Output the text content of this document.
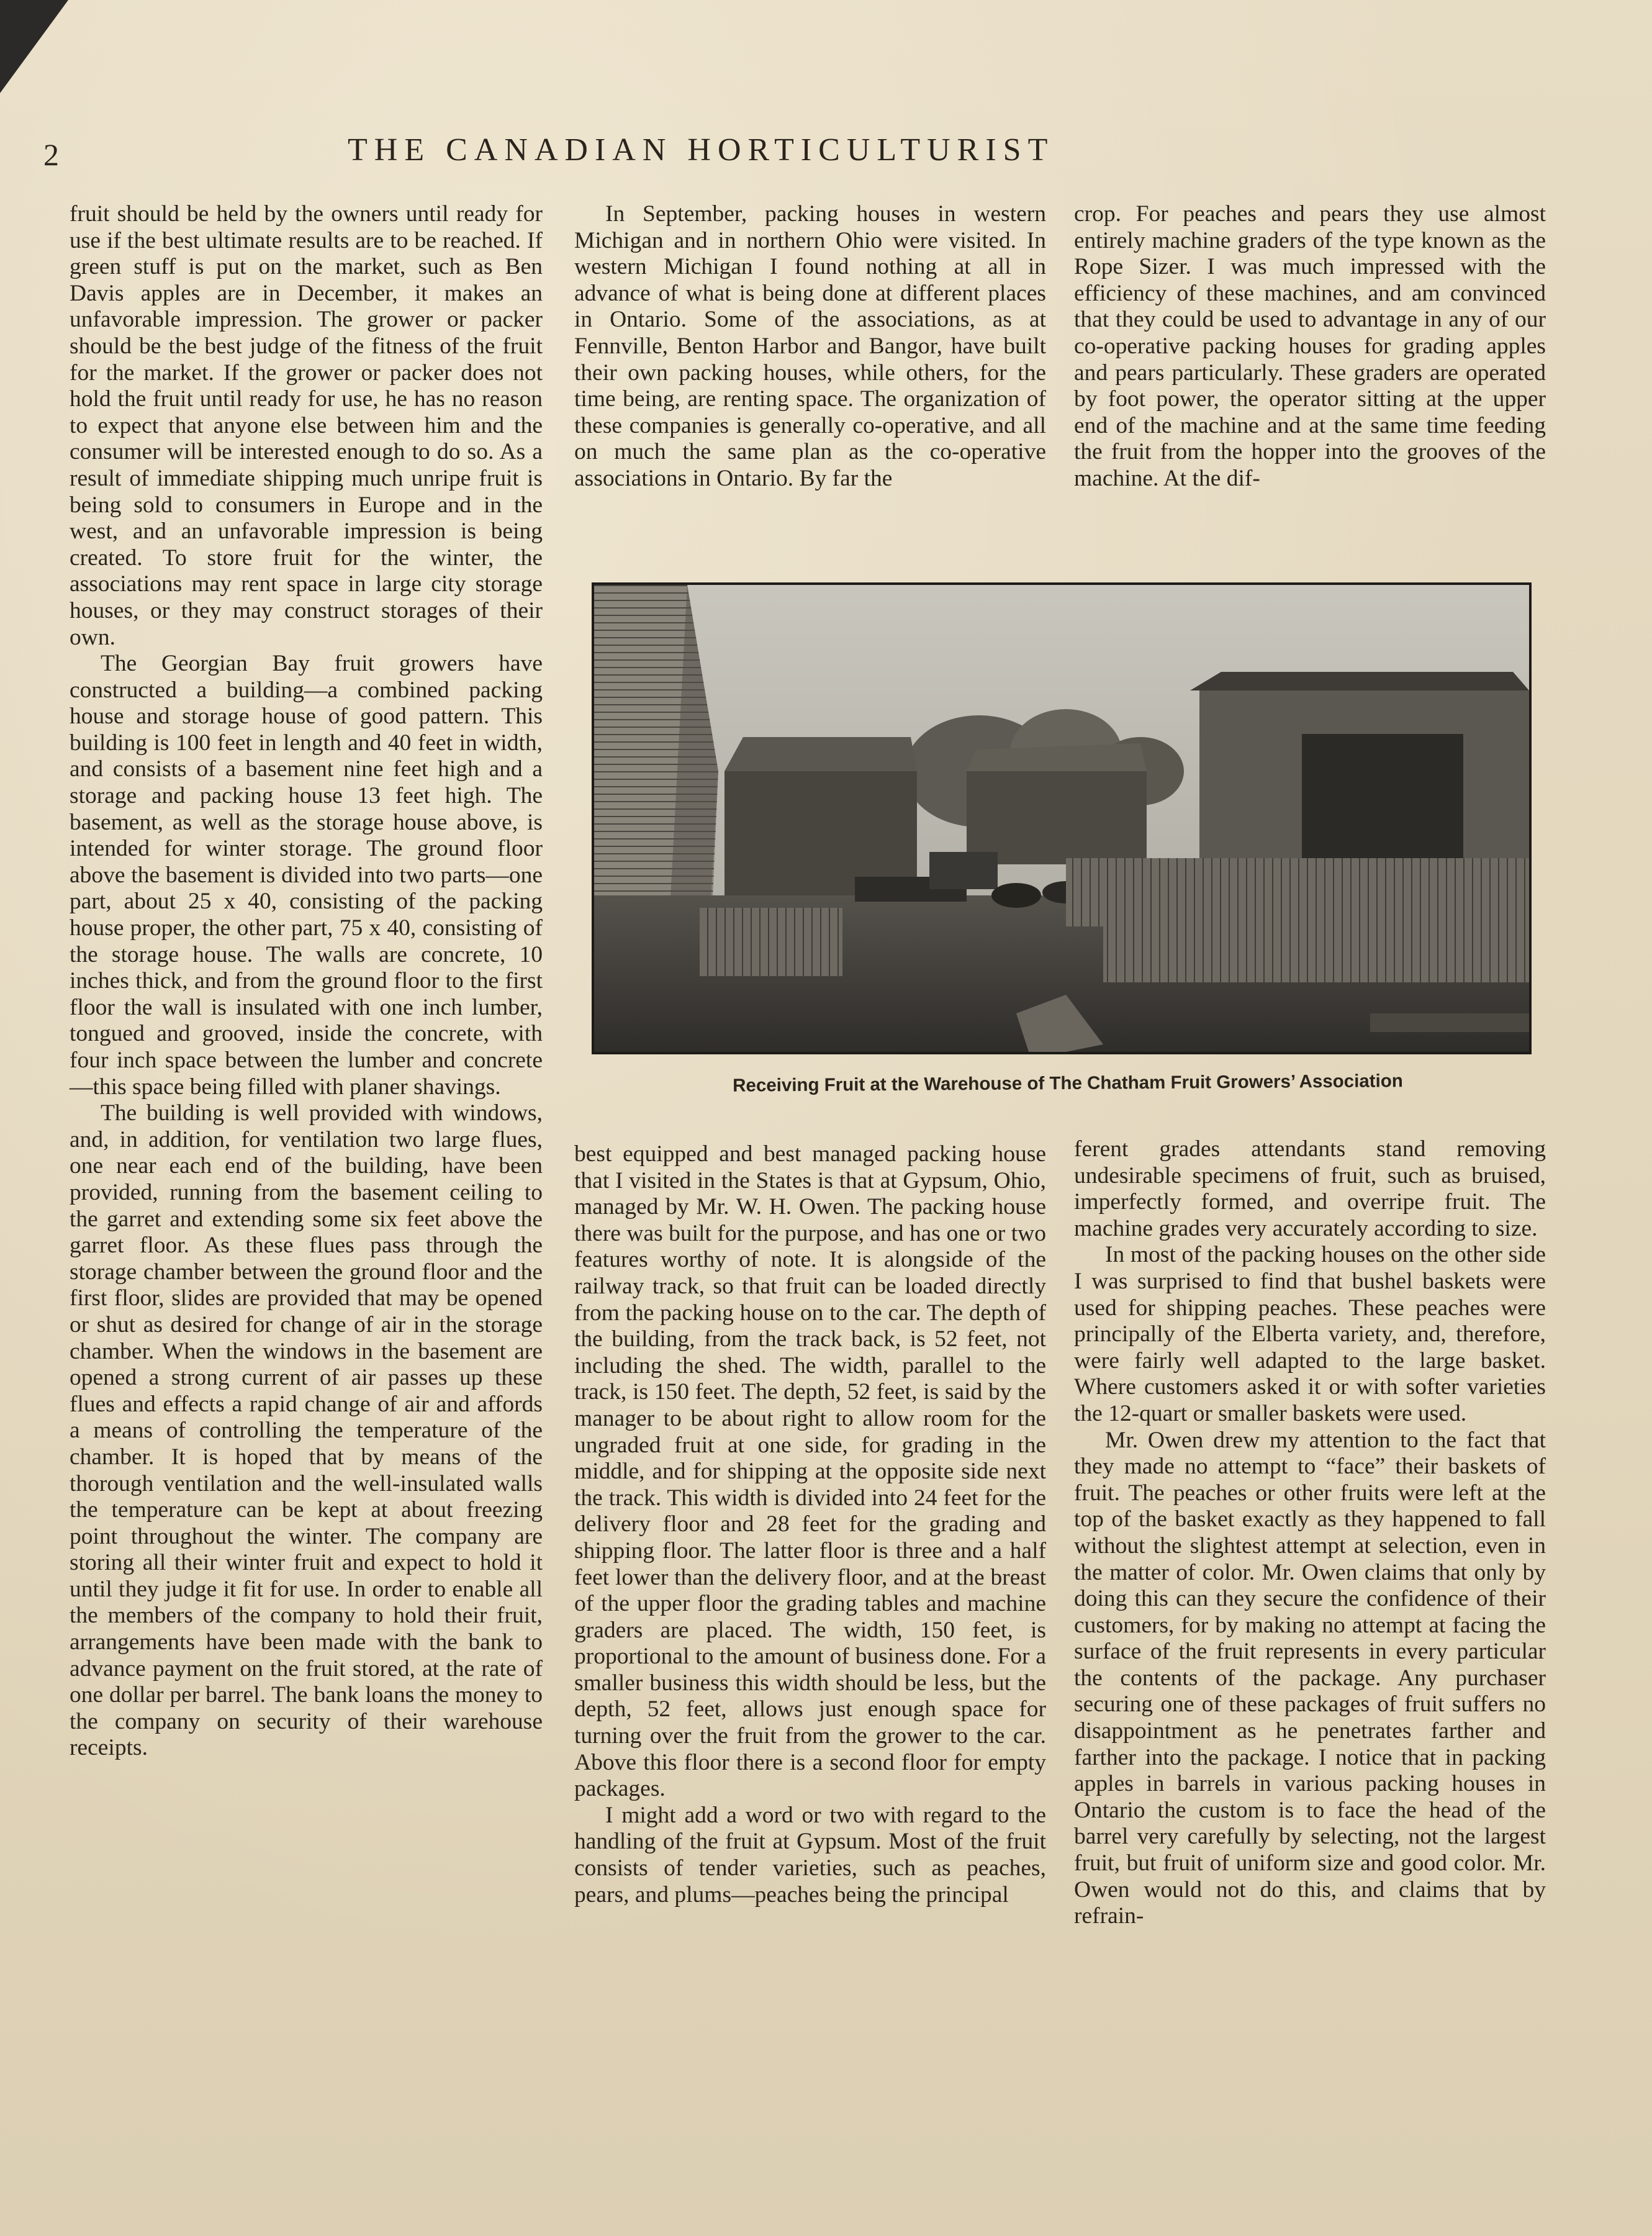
2	THE CANADIAN HORTICULTURIST

fruit should be held by the owners until ready for use if the best ultimate results are to be reached. If green stuff is put on the market, such as Ben Davis apples are in December, it makes an unfavorable impression. The grower or packer should be the best judge of the fitness of the fruit for the market. If the grower or packer does not hold the fruit until ready for use, he has no reason to expect that anyone else between him and the consumer will be interested enough to do so. As a result of immediate shipping much unripe fruit is being sold to consumers in Europe and in the west, and an unfavorable impression is being created. To store fruit for the winter, the associations may rent space in large city storage houses, or they may construct storages of their own.

The Georgian Bay fruit growers have constructed a building—a combined packing house and storage house of good pattern. This building is 100 feet in length and 40 feet in width, and consists of a basement nine feet high and a storage and packing house 13 feet high. The basement, as well as the storage house above, is intended for winter storage. The ground floor above the basement is divided into two parts—one part, about 25 x 40, consisting of the packing house proper, the other part, 75 x 40, consisting of the storage house. The walls are concrete, 10 inches thick, and from the ground floor to the first floor the wall is insulated with one inch lumber, tongued and grooved, inside the concrete, with four inch space between the lumber and concrete—this space being filled with planer shavings.

The building is well provided with windows, and, in addition, for ventilation two large flues, one near each end of the building, have been provided, running from the basement ceiling to the garret and extending some six feet above the garret floor. As these flues pass through the storage chamber between the ground floor and the first floor, slides are provided that may be opened or shut as desired for change of air in the storage chamber. When the windows in the basement are opened a strong current of air passes up these flues and effects a rapid change of air and affords a means of controlling the temperature of the chamber. It is hoped that by means of the thorough ventilation and the well-insulated walls the temperature can be kept at about freezing point throughout the winter. The company are storing all their winter fruit and expect to hold it until they judge it fit for use. In order to enable all the members of the company to hold their fruit, arrangements have been made with the bank to advance payment on the fruit stored, at the rate of one dollar per barrel. The bank loans the money to the company on security of their warehouse receipts.

In September, packing houses in western Michigan and in northern Ohio were visited. In western Michigan I found nothing at all in advance of what is being done at different places in Ontario. Some of the associations, as at Fennville, Benton Harbor and Bangor, have built their own packing houses, while others, for the time being, are renting space. The organization of these companies is generally co-operative, and all on much the same plan as the co-operative associations in Ontario. By far the

crop. For peaches and pears they use almost entirely machine graders of the type known as the Rope Sizer. I was much impressed with the efficiency of these machines, and am convinced that they could be used to advantage in any of our co-operative packing houses for grading apples and pears particularly. These graders are operated by foot power, the operator sitting at the upper end of the machine and at the same time feeding the fruit from the hopper into the grooves of the machine. At the dif-

Receiving Fruit at the Warehouse of The Chatham Fruit Growers’ Association

best equipped and best managed packing house that I visited in the States is that at Gypsum, Ohio, managed by Mr. W. H. Owen. The packing house there was built for the purpose, and has one or two features worthy of note. It is alongside of the railway track, so that fruit can be loaded directly from the packing house on to the car. The depth of the building, from the track back, is 52 feet, not including the shed. The width, parallel to the track, is 150 feet. The depth, 52 feet, is said by the manager to be about right to allow room for the ungraded fruit at one side, for grading in the middle, and for shipping at the opposite side next the track. This width is divided into 24 feet for the delivery floor and 28 feet for the grading and shipping floor. The latter floor is three and a half feet lower than the delivery floor, and at the breast of the upper floor the grading tables and machine graders are placed. The width, 150 feet, is proportional to the amount of business done. For a smaller business this width should be less, but the depth, 52 feet, allows just enough space for turning over the fruit from the grower to the car. Above this floor there is a second floor for empty packages.

I might add a word or two with regard to the handling of the fruit at Gypsum. Most of the fruit consists of tender varieties, such as peaches, pears, and plums—peaches being the principal

ferent grades attendants stand removing undesirable specimens of fruit, such as bruised, imperfectly formed, and overripe fruit. The machine grades very accurately according to size.

In most of the packing houses on the other side I was surprised to find that bushel baskets were used for shipping peaches. These peaches were principally of the Elberta variety, and, therefore, were fairly well adapted to the large basket. Where customers asked it or with softer varieties the 12-quart or smaller baskets were used.

Mr. Owen drew my attention to the fact that they made no attempt to “face” their baskets of fruit. The peaches or other fruits were left at the top of the basket exactly as they happened to fall without the slightest attempt at selection, even in the matter of color. Mr. Owen claims that only by doing this can they secure the confidence of their customers, for by making no attempt at facing the surface of the fruit represents in every particular the contents of the package. Any purchaser securing one of these packages of fruit suffers no disappointment as he penetrates farther and farther into the package. I notice that in packing apples in barrels in various packing houses in Ontario the custom is to face the head of the barrel very carefully by selecting, not the largest fruit, but fruit of uniform size and good color. Mr. Owen would not do this, and claims that by refrain-
